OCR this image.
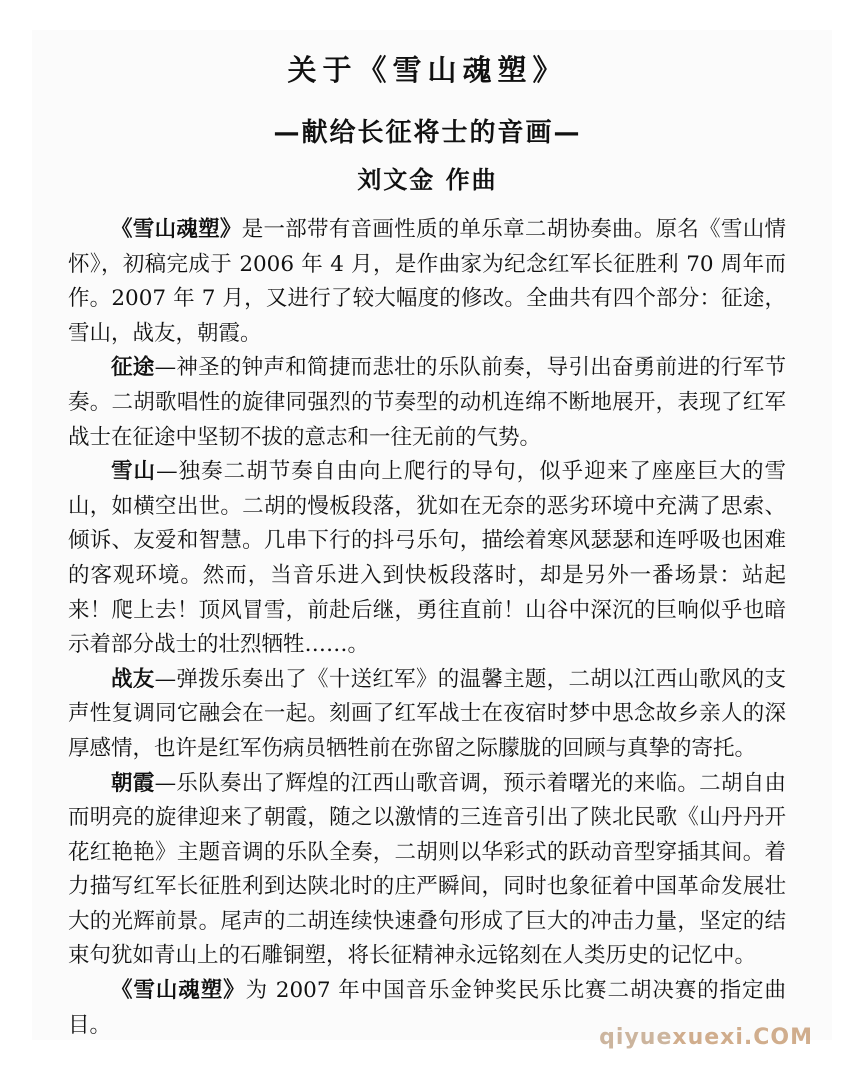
关于《雪山魂塑》
—献给长征将士的音画—
刘文金 作曲

《雪山魂塑》是一部带有音画性质的单乐章二胡协奏曲。原名《雪山情怀》，初稿完成于 2006 年 4 月，是作曲家为纪念红军长征胜利 70 周年而作。2007 年 7 月，又进行了较大幅度的修改。全曲共有四个部分：征途，雪山，战友，朝霞。

征途—神圣的钟声和简捷而悲壮的乐队前奏，导引出奋勇前进的行军节奏。二胡歌唱性的旋律同强烈的节奏型的动机连绵不断地展开，表现了红军战士在征途中坚韧不拔的意志和一往无前的气势。

雪山—独奏二胡节奏自由向上爬行的导句，似乎迎来了座座巨大的雪山，如横空出世。二胡的慢板段落，犹如在无奈的恶劣环境中充满了思索、倾诉、友爱和智慧。几串下行的抖弓乐句，描绘着寒风瑟瑟和连呼吸也困难的客观环境。然而，当音乐进入到快板段落时，却是另外一番场景：站起来！爬上去！顶风冒雪，前赴后继，勇往直前！山谷中深沉的巨响似乎也暗示着部分战士的壮烈牺牲……。

战友—弹拨乐奏出了《十送红军》的温馨主题，二胡以江西山歌风的支声性复调同它融会在一起。刻画了红军战士在夜宿时梦中思念故乡亲人的深厚感情，也许是红军伤病员牺牲前在弥留之际朦胧的回顾与真挚的寄托。

朝霞—乐队奏出了辉煌的江西山歌音调，预示着曙光的来临。二胡自由而明亮的旋律迎来了朝霞，随之以激情的三连音引出了陕北民歌《山丹丹开花红艳艳》主题音调的乐队全奏，二胡则以华彩式的跃动音型穿插其间。着力描写红军长征胜利到达陕北时的庄严瞬间，同时也象征着中国革命发展壮大的光辉前景。尾声的二胡连续快速叠句形成了巨大的冲击力量，坚定的结束句犹如青山上的石雕铜塑，将长征精神永远铭刻在人类历史的记忆中。

《雪山魂塑》为 2007 年中国音乐金钟奖民乐比赛二胡决赛的指定曲目。	qiyuexuexi.COM
